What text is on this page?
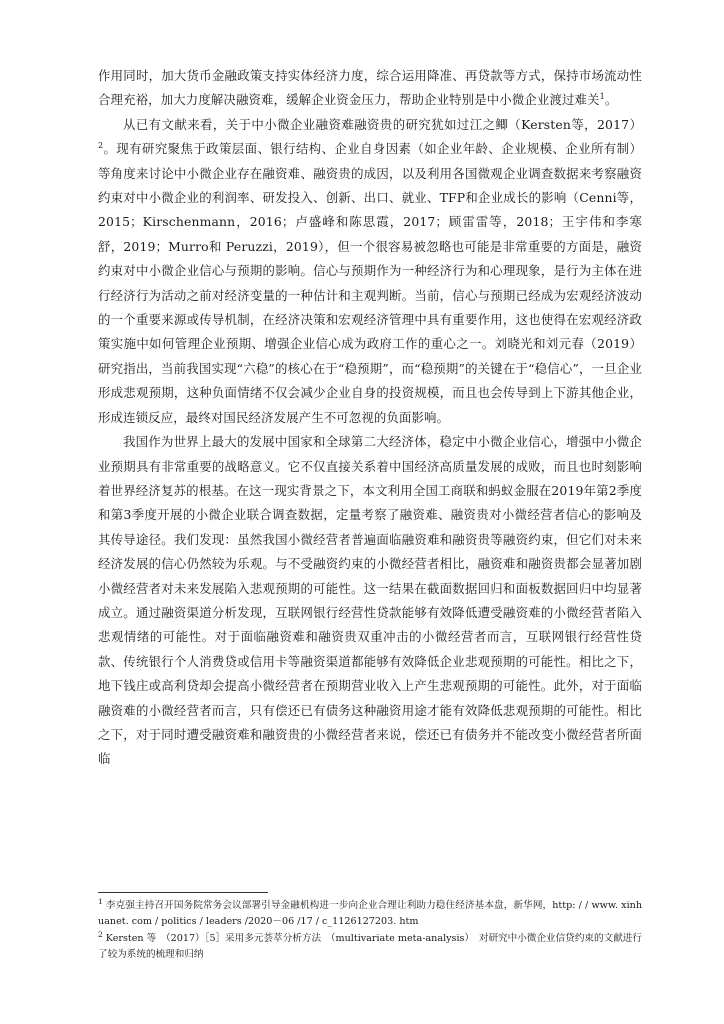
作用同时，加大货币金融政策支持实体经济力度，综合运用降准、再贷款等方式，保持市场流动性合理充裕，加大力度解决融资难，缓解企业资金压力，帮助企业特别是中小微企业渡过难关$^1$。

从已有文献来看，关于中小微企业融资难融资贵的研究犹如过江之鲫（Kersten等，2017）$^2$。现有研究聚焦于政策层面、银行结构、企业自身因素（如企业年龄、企业规模、企业所有制）等角度来讨论中小微企业存在融资难、融资贵的成因，以及利用各国微观企业调查数据来考察融资约束对中小微企业的利润率、研发投入、创新、出口、就业、TFP和企业成长的影响（Cenni等，2015；Kirschenmann，2016；卢盛峰和陈思霞，2017；顾雷雷等，2018；王宇伟和李寒舒，2019；Murro和 Peruzzi，2019），但一个很容易被忽略也可能是非常重要的方面是，融资约束对中小微企业信心与预期的影响。信心与预期作为一种经济行为和心理现象，是行为主体在进行经济行为活动之前对经济变量的一种估计和主观判断。当前，信心与预期已经成为宏观经济波动的一个重要来源或传导机制，在经济决策和宏观经济管理中具有重要作用，这也使得在宏观经济政策实施中如何管理企业预期、增强企业信心成为政府工作的重心之一。刘晓光和刘元春（2019）研究指出，当前我国实现“六稳”的核心在于“稳预期”，而“稳预期”的关键在于“稳信心”，一旦企业形成悲观预期，这种负面情绪不仅会减少企业自身的投资规模，而且也会传导到上下游其他企业，形成连锁反应，最终对国民经济发展产生不可忽视的负面影响。

我国作为世界上最大的发展中国家和全球第二大经济体，稳定中小微企业信心，增强中小微企业预期具有非常重要的战略意义。它不仅直接关系着中国经济高质量发展的成败，而且也时刻影响着世界经济复苏的根基。在这一现实背景之下，本文利用全国工商联和蚂蚁金服在2019年第2季度和第3季度开展的小微企业联合调查数据，定量考察了融资难、融资贵对小微经营者信心的影响及其传导途径。我们发现：虽然我国小微经营者普遍面临融资难和融资贵等融资约束，但它们对未来经济发展的信心仍然较为乐观。与不受融资约束的小微经营者相比，融资难和融资贵都会显著加剧小微经营者对未来发展陷入悲观预期的可能性。这一结果在截面数据回归和面板数据回归中均显著成立。通过融资渠道分析发现，互联网银行经营性贷款能够有效降低遭受融资难的小微经营者陷入悲观情绪的可能性。对于面临融资难和融资贵双重冲击的小微经营者而言，互联网银行经营性贷款、传统银行个人消费贷或信用卡等融资渠道都能够有效降低企业悲观预期的可能性。相比之下，地下钱庄或高利贷却会提高小微经营者在预期营业收入上产生悲观预期的可能性。此外，对于面临融资难的小微经营者而言，只有偿还已有债务这种融资用途才能有效降低悲观预期的可能性。相比之下，对于同时遭受融资难和融资贵的小微经营者来说，偿还已有债务并不能改变小微经营者所面临

$^1$ 李克强主持召开国务院常务会议部署引导金融机构进一步向企业合理让利助力稳住经济基本盘，新华网，http: / / www. xinhuanet. com / politics / leaders /2020－06 /17 / c_1126127203. htm

$^2$ Kersten 等　（2017）［5］采用多元荟萃分析方法　（multivariate meta-analysis）　对研究中小微企业信贷约束的文献进行了较为系统的梳理和归纳
